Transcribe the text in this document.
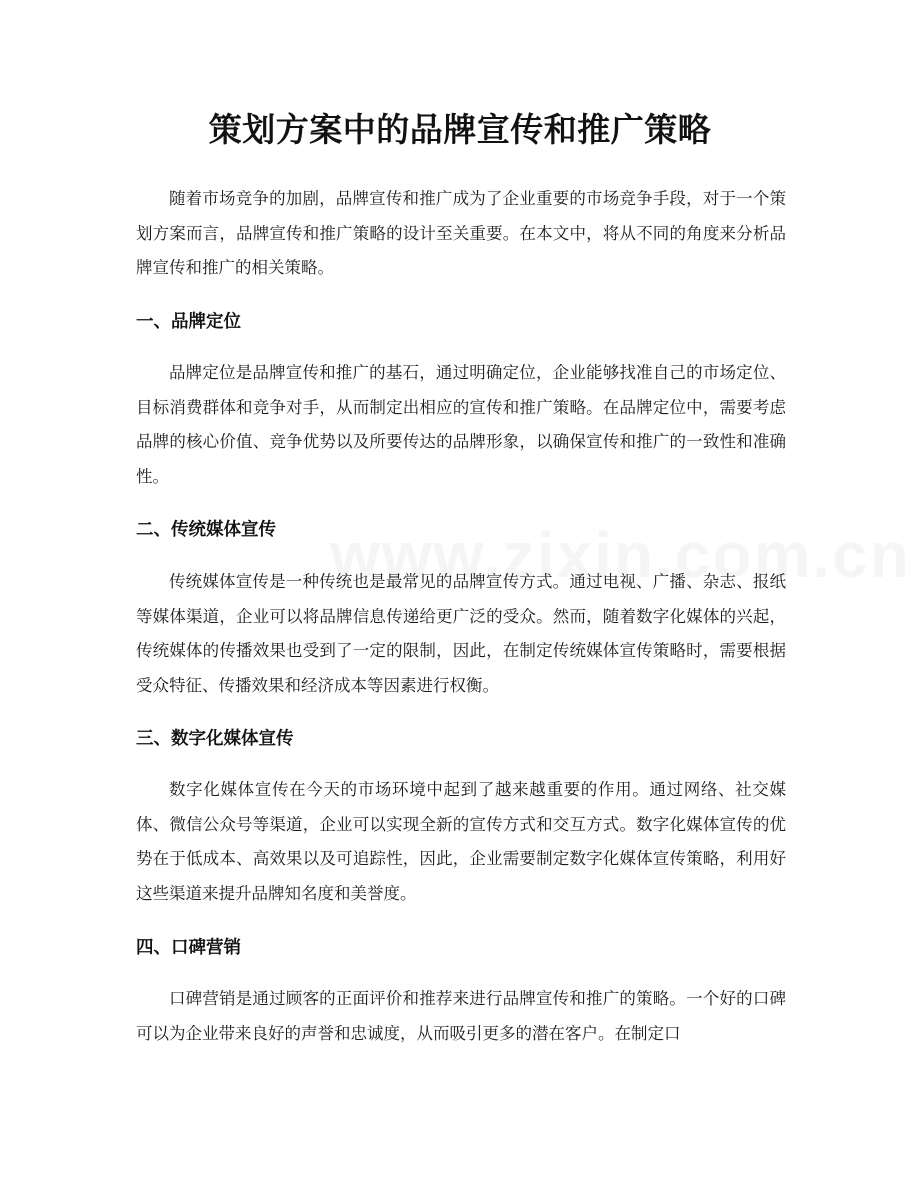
策划方案中的品牌宣传和推广策略

随着市场竞争的加剧，品牌宣传和推广成为了企业重要的市场竞争手段，对于一个策划方案而言，品牌宣传和推广策略的设计至关重要。在本文中，将从不同的角度来分析品牌宣传和推广的相关策略。

一、品牌定位

品牌定位是品牌宣传和推广的基石，通过明确定位，企业能够找准自己的市场定位、目标消费群体和竞争对手，从而制定出相应的宣传和推广策略。在品牌定位中，需要考虑品牌的核心价值、竞争优势以及所要传达的品牌形象，以确保宣传和推广的一致性和准确性。

二、传统媒体宣传

传统媒体宣传是一种传统也是最常见的品牌宣传方式。通过电视、广播、杂志、报纸等媒体渠道，企业可以将品牌信息传递给更广泛的受众。然而，随着数字化媒体的兴起，传统媒体的传播效果也受到了一定的限制，因此，在制定传统媒体宣传策略时，需要根据受众特征、传播效果和经济成本等因素进行权衡。

三、数字化媒体宣传

数字化媒体宣传在今天的市场环境中起到了越来越重要的作用。通过网络、社交媒体、微信公众号等渠道，企业可以实现全新的宣传方式和交互方式。数字化媒体宣传的优势在于低成本、高效果以及可追踪性，因此，企业需要制定数字化媒体宣传策略，利用好这些渠道来提升品牌知名度和美誉度。

四、口碑营销

口碑营销是通过顾客的正面评价和推荐来进行品牌宣传和推广的策略。一个好的口碑可以为企业带来良好的声誉和忠诚度，从而吸引更多的潜在客户。在制定口
